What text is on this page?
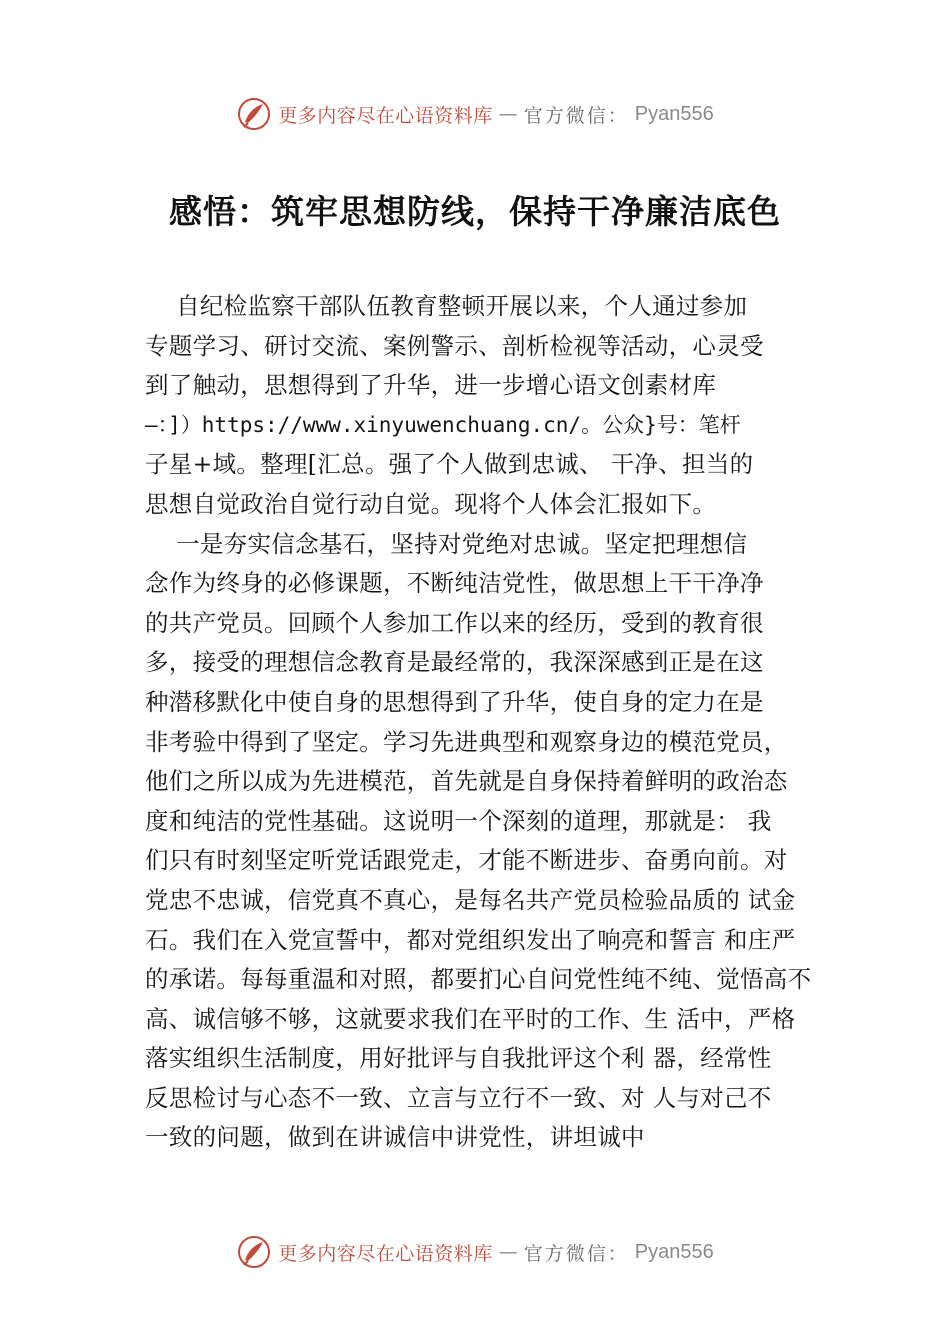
更多内容尽在心语资料库 — 官方微信： Pyan556
感悟：筑牢思想防线，保持干净廉洁底色
自纪检监察干部队伍教育整顿开展以来，个人通过参加
专题学习、研讨交流、案例警示、剖析检视等活动，心灵受
到了触动，思想得到了升华，进一步增心语文创素材库
—：]）https://www.xinyuwenchuang.cn/。公众}号：笔杆
子星+域。整理[汇总。强了个人做到忠诚、 干净、担当的
思想自觉政治自觉行动自觉。现将个人体会汇报如下。
一是夯实信念基石，坚持对党绝对忠诚。坚定把理想信
念作为终身的必修课题，不断纯洁党性，做思想上干干净净
的共产党员。回顾个人参加工作以来的经历，受到的教育很
多，接受的理想信念教育是最经常的，我深深感到正是在这
种潜移默化中使自身的思想得到了升华，使自身的定力在是
非考验中得到了坚定。学习先进典型和观察身边的模范党员，
他们之所以成为先进模范，首先就是自身保持着鲜明的政治态
度和纯洁的党性基础。这说明一个深刻的道理，那就是： 我
们只有时刻坚定听党话跟党走，才能不断进步、奋勇向前。对
党忠不忠诚，信党真不真心，是每名共产党员检验品质的 试金
石。我们在入党宣誓中，都对党组织发出了响亮和誓言 和庄严
的承诺。每每重温和对照，都要扪心自问党性纯不纯、觉悟高不
高、诚信够不够，这就要求我们在平时的工作、生 活中，严格
落实组织生活制度，用好批评与自我批评这个利 器，经常性
反思检讨与心态不一致、立言与立行不一致、对 人与对己不
一致的问题，做到在讲诚信中讲党性，讲坦诚中
更多内容尽在心语资料库 — 官方微信： Pyan556
